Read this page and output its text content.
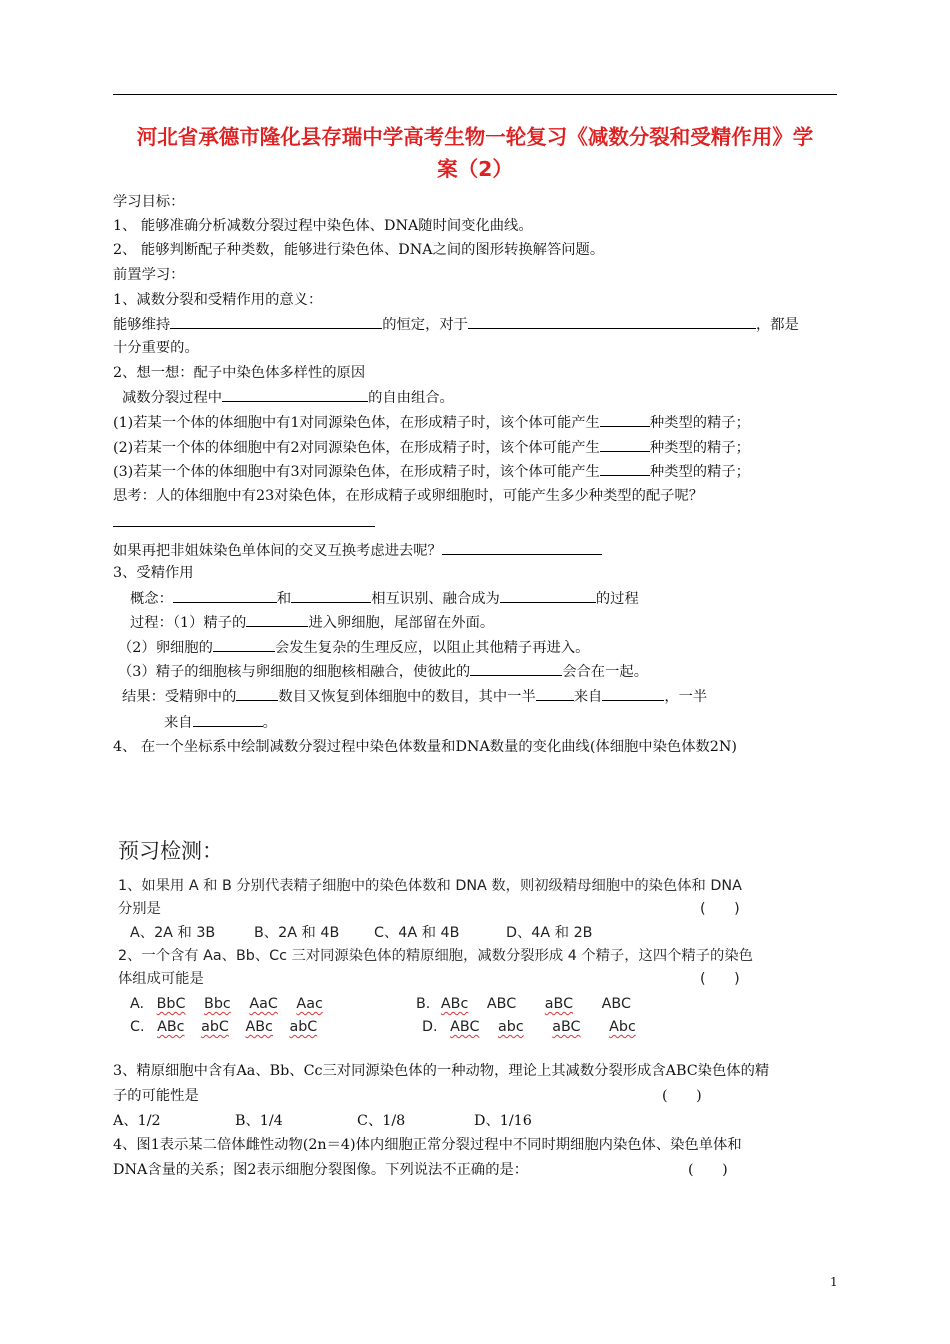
河北省承德市隆化县存瑞中学高考生物一轮复习《减数分裂和受精作用》学
案（2）
学习目标：
1、 能够准确分析减数分裂过程中染色体、DNA随时间变化曲线。
2、 能够判断配子种类数，能够进行染色体、DNA之间的图形转换解答问题。
前置学习：
1、减数分裂和受精作用的意义：
能够维持	的恒定，对于	，都是
十分重要的。
2、想一想：配子中染色体多样性的原因
减数分裂过程中	的自由组合。
(1)若某一个体的体细胞中有1对同源染色体，在形成精子时，该个体可能产生	种类型的精子；
(2)若某一个体的体细胞中有2对同源染色体，在形成精子时，该个体可能产生	种类型的精子；
(3)若某一个体的体细胞中有3对同源染色体，在形成精子时，该个体可能产生	种类型的精子；
思考：人的体细胞中有23对染色体，在形成精子或卵细胞时，可能产生多少种类型的配子呢？
如果再把非姐妹染色单体间的交叉互换考虑进去呢？
3、受精作用
概念：	和	相互识别、融合成为	的过程
过程：（1）精子的	进入卵细胞，尾部留在外面。
（2）卵细胞的	会发生复杂的生理反应，以阻止其他精子再进入。
（3）精子的细胞核与卵细胞的细胞核相融合，使彼此的	会合在一起。
结果：受精卵中的	数目又恢复到体细胞中的数目，其中一半	来自	，一半
来自	。
4、 在一个坐标系中绘制减数分裂过程中染色体数量和DNA数量的变化曲线(体细胞中染色体数2N)
预习检测：
1、如果用 A 和 B 分别代表精子细胞中的染色体数和 DNA 数，则初级精母细胞中的染色体和 DNA
分别是	(　　)
A、2A 和 3B	B、2A 和 4B C、4A 和 4B	D、4A 和 2B
2、一个含有 Aa、Bb、Cc 三对同源染色体的精原细胞，减数分裂形成 4 个精子，这四个精子的染色
体组成可能是	(　　)
A. BbC Bbc AaC Aac	B. ABc ABC aBC ABC
C. ABc abC ABc abC	D. ABC abc aBC Abc
3、精原细胞中含有Aa、Bb、Cc三对同源染色体的一种动物，理论上其减数分裂形成含ABC染色体的精
子的可能性是	(　　)
A、1/2	B、1/4	C、1/8	D、1/16
4、图1表示某二倍体雌性动物(2n＝4)体内细胞正常分裂过程中不同时期细胞内染色体、染色单体和
DNA含量的关系；图2表示细胞分裂图像。下列说法不正确的是：	(　　)
1
